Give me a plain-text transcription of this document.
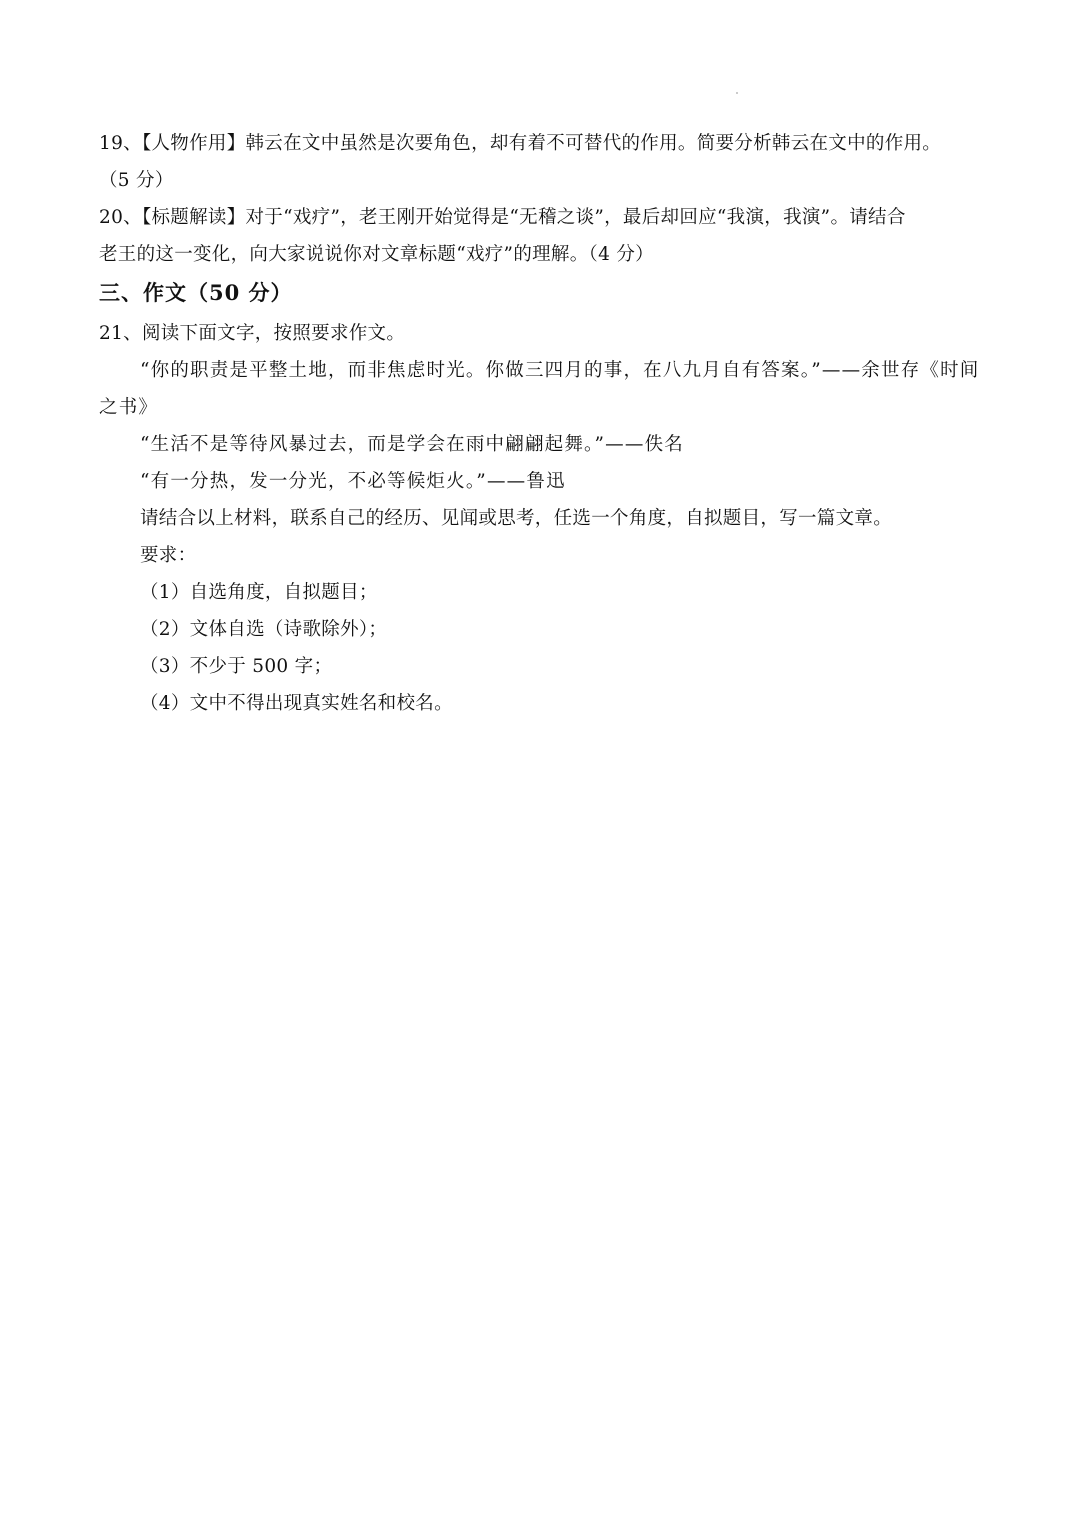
19、【人物作用】韩云在文中虽然是次要角色，却有着不可替代的作用。简要分析韩云在文中的作用。
（5 分）
20、【标题解读】对于“戏疗”，老王刚开始觉得是“无稽之谈”，最后却回应“我演，我演”。请结合
老王的这一变化，向大家说说你对文章标题“戏疗”的理解。（4 分）
三、作文（50 分）
21、阅读下面文字，按照要求作文。
“你的职责是平整土地，而非焦虑时光。你做三四月的事，在八九月自有答案。”——余世存《时间
之书》
“生活不是等待风暴过去，而是学会在雨中翩翩起舞。”——佚名
“有一分热，发一分光，不必等候炬火。”——鲁迅
请结合以上材料，联系自己的经历、见闻或思考，任选一个角度，自拟题目，写一篇文章。
要求：
（1）自选角度，自拟题目；
（2）文体自选（诗歌除外）；
（3）不少于 500 字；
（4）文中不得出现真实姓名和校名。
